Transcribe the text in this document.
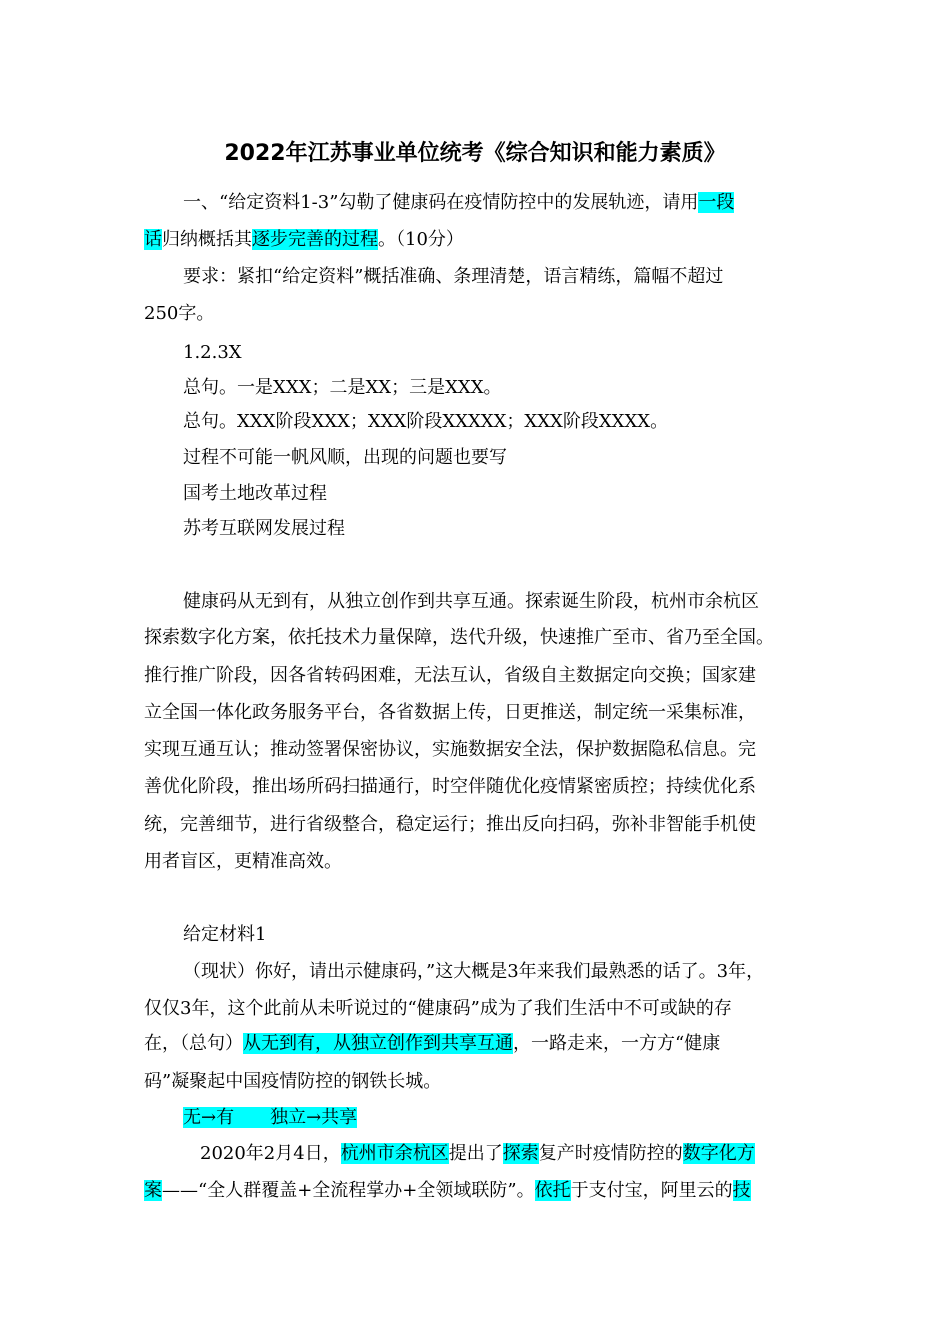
2022年江苏事业单位统考《综合知识和能力素质》
一、“给定资料1-3”勾勒了健康码在疫情防控中的发展轨迹，请用一段
话归纳概括其逐步完善的过程。（10分）
要求：紧扣“给定资料”概括准确、条理清楚，语言精练，篇幅不超过
250字。
1.2.3X
总句。一是XXX；二是XX；三是XXX。
总句。XXX阶段XXX；XXX阶段XXXXX；XXX阶段XXXX。
过程不可能一帆风顺，出现的问题也要写
国考土地改革过程
苏考互联网发展过程
健康码从无到有，从独立创作到共享互通。探索诞生阶段，杭州市余杭区
探索数字化方案，依托技术力量保障，迭代升级，快速推广至市、省乃至全国。
推行推广阶段，因各省转码困难，无法互认，省级自主数据定向交换；国家建
立全国一体化政务服务平台，各省数据上传，日更推送，制定统一采集标准，
实现互通互认；推动签署保密协议，实施数据安全法，保护数据隐私信息。完
善优化阶段，推出场所码扫描通行，时空伴随优化疫情紧密质控；持续优化系
统，完善细节，进行省级整合，稳定运行；推出反向扫码，弥补非智能手机使
用者盲区，更精准高效。
给定材料1
（现状）你好，请出示健康码，”这大概是3年来我们最熟悉的话了。3年，
仅仅3年，这个此前从未听说过的“健康码”成为了我们生活中不可或缺的存
在，（总句）从无到有，从独立创作到共享互通，一路走来，一方方“健康
码”凝聚起中国疫情防控的钢铁长城。
无→有　　独立→共享
2020年2月4日，杭州市余杭区提出了探索复产时疫情防控的数字化方
案——“全人群覆盖+全流程掌办+全领域联防”。依托于支付宝，阿里云的技
